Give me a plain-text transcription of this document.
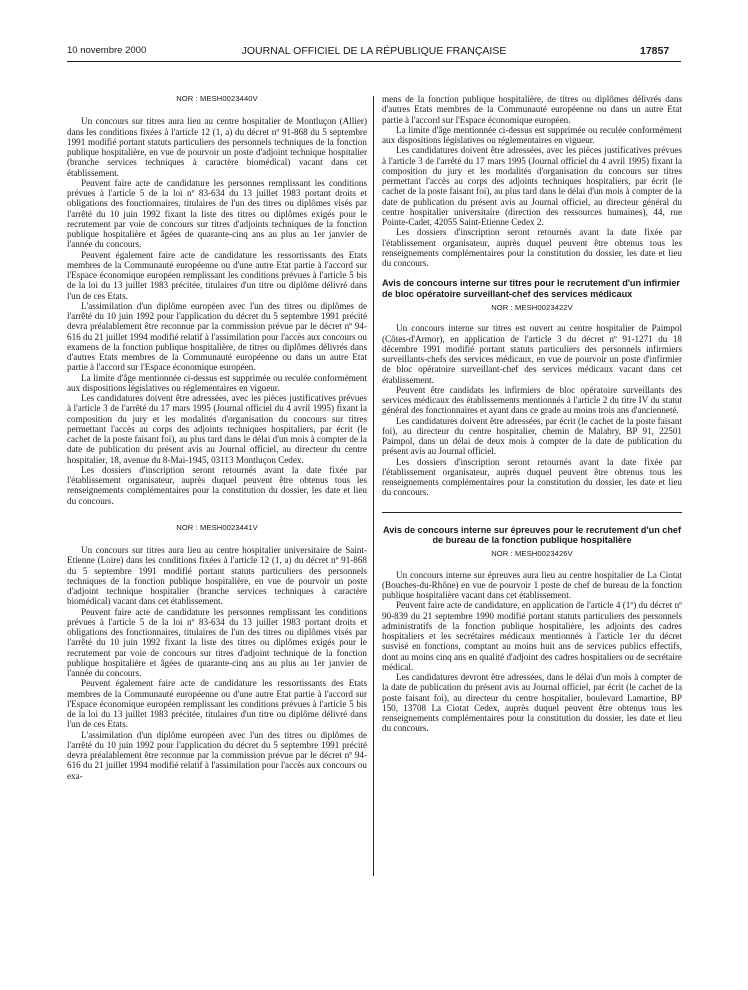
10 novembre 2000	JOURNAL OFFICIEL DE LA RÉPUBLIQUE FRANÇAISE	17857
NOR : MESH0023440V

Un concours sur titres aura lieu au centre hospitalier de Montluçon (Allier) dans les conditions fixées à l'article 12 (1, a) du décret nº 91-868 du 5 septembre 1991 modifié portant statuts particuliers des personnels techniques de la fonction publique hospitalière, en vue de pourvoir un poste d'adjoint technique hospitalier (branche services techniques à caractère biomédical) vacant dans cet établissement.

Peuvent faire acte de candidature les personnes remplissant les conditions prévues à l'article 5 de la loi nº 83-634 du 13 juillet 1983 portant droits et obligations des fonctionnaires, titulaires de l'un des titres ou diplômes visés par l'arrêté du 10 juin 1992 fixant la liste des titres ou diplômes exigés pour le recrutement par voie de concours sur titres d'adjoints techniques de la fonction publique hospitalière et âgées de quarante-cinq ans au plus au 1er janvier de l'année du concours.

Peuvent également faire acte de candidature les ressortissants des Etats membres de la Communauté européenne ou d'une autre Etat partie à l'accord sur l'Espace économique européen remplissant les conditions prévues à l'article 5 bis de la loi du 13 juillet 1983 précitée, titulaires d'un titre ou diplôme délivré dans l'un de ces Etats.

L'assimilation d'un diplôme européen avec l'un des titres ou diplômes de l'arrêté du 10 juin 1992 pour l'application du décret du 5 septembre 1991 précité devra préalablement être reconnue par la commission prévue par le décret nº 94-616 du 21 juillet 1994 modifié relatif à l'assimilation pour l'accès aux concours ou examens de la fonction publique hospitalière, de titres ou diplômes délivrés dans d'autres Etats membres de la Communauté européenne ou dans un autre Etat partie à l'accord sur l'Espace économique européen.

La limite d'âge mentionnée ci-dessus est supprimée ou reculée conformément aux dispositions législatives ou réglementaires en vigueur.

Les candidatures doivent être adressées, avec les pièces justificatives prévues à l'article 3 de l'arrêté du 17 mars 1995 (Journal officiel du 4 avril 1995) fixant la composition du jury et les modalités d'organisation du concours sur titres permettant l'accès au corps des adjoints techniques hospitaliers, par écrit (le cachet de la poste faisant foi), au plus tard dans le délai d'un mois à compter de la date de publication du présent avis au Journal officiel, au directeur du centre hospitalier, 18, avenue du 8-Mai-1945, 03113 Montluçon Cedex.

Les dossiers d'inscription seront retournés avant la date fixée par l'établissement organisateur, auprès duquel peuvent être obtenus tous les renseignements complémentaires pour la constitution du dossier, les date et lieu du concours.

NOR : MESH0023441V

Un concours sur titres aura lieu au centre hospitalier universitaire de Saint-Etienne (Loire) dans les conditions fixées à l'article 12 (1, a) du décret nº 91-868 du 5 septembre 1991 modifié portant statuts particuliers des personnels techniques de la fonction publique hospitalière, en vue de pourvoir un poste d'adjoint technique hospitalier (branche services techniques à caractère biomédical) vacant dans cet établissement.

Peuvent faire acte de candidature les personnes remplissant les conditions prévues à l'article 5 de la loi nº 83-634 du 13 juillet 1983 portant droits et obligations des fonctionnaires, titulaires de l'un des titres ou diplômes visés par l'arrêté du 10 juin 1992 fixant la liste des titres ou diplômes exigés pour le recrutement par voie de concours sur titres d'adjoint technique de la fonction publique hospitalière et âgées de quarante-cinq ans au plus au 1er janvier de l'année du concours.

Peuvent également faire acte de candidature les ressortissants des Etats membres de la Communauté européenne ou d'une autre Etat partie à l'accord sur l'Espace économique européen remplissant les conditions prévues à l'article 5 bis de la loi du 13 juillet 1983 précitée, titulaires d'un titre ou diplôme délivré dans l'un de ces Etats.

L'assimilation d'un diplôme européen avec l'un des titres ou diplômes de l'arrêté du 10 juin 1992 pour l'application du décret du 5 septembre 1991 précité devra préalablement être reconnue par la commission prévue par le décret nº 94-616 du 21 juillet 1994 modifié relatif à l'assimilation pour l'accès aux concours ou exa-

mens de la fonction publique hospitalière, de titres ou diplômes délivrés dans d'autres Etats membres de la Communauté européenne ou dans un autre Etat partie à l'accord sur l'Espace économique européen.

La limite d'âge mentionnée ci-dessus est supprimée ou reculée conformément aux dispositions législatives ou réglementaires en vigueur.

Les candidatures doivent être adressées, avec les pièces justificatives prévues à l'article 3 de l'arrêté du 17 mars 1995 (Journal officiel du 4 avril 1995) fixant la composition du jury et les modalités d'organisation du concours sur titres permettant l'accès au corps des adjoints techniques hospitaliers, par écrit (le cachet de la poste faisant foi), au plus tard dans le délai d'un mois à compter de la date de publication du présent avis au Journal officiel, au directeur général du centre hospitalier universitaire (direction des ressources humaines), 44, rue Pointe-Cadet, 42055 Saint-Etienne Cedex 2.

Les dossiers d'inscription seront retournés avant la date fixée par l'établissement organisateur, auprès duquel peuvent être obtenus tous les renseignements complémentaires pour la constitution du dossier, les date et lieu du concours.

Avis de concours interne sur titres pour le recrutement d'un infirmier de bloc opératoire surveillant-chef des services médicaux
NOR : MESH0023422V

Un concours interne sur titres est ouvert au centre hospitalier de Paimpol (Côtes-d'Armor), en application de l'article 3 du décret nº 91-1271 du 18 décembre 1991 modifié portant statuts particuliers des personnels infirmiers surveillants-chefs des services médicaux, en vue de pourvoir un poste d'infirmier de bloc opératoire surveillant-chef des services médicaux vacant dans cet établissement.

Peuvent être candidats les infirmiers de bloc opératoire surveillants des services médicaux des établissements mentionnés à l'article 2 du titre IV du statut général des fonctionnaires et ayant dans ce grade au moins trois ans d'ancienneté.

Les candidatures doivent être adressées, par écrit (le cachet de la poste faisant foi), au directeur du centre hospitalier, chemin de Malabry, BP 91, 22501 Paimpol, dans un délai de deux mois à compter de la date de publication du présent avis au Journal officiel.

Les dossiers d'inscription seront retournés avant la date fixée par l'établissement organisateur, auprès duquel peuvent être obtenus tous les renseignements complémentaires pour la constitution du dossier, les date et lieu du concours.

Avis de concours interne sur épreuves pour le recrutement d'un chef de bureau de la fonction publique hospitalière
NOR : MESH0023426V

Un concours interne sur épreuves aura lieu au centre hospitalier de La Ciotat (Bouches-du-Rhône) en vue de pourvoir 1 poste de chef de bureau de la fonction publique hospitalière vacant dans cet établissement.

Peuvent faire acte de candidature, en application de l'article 4 (1º) du décret nº 90-839 du 21 septembre 1990 modifié portant statuts particuliers des personnels administratifs de la fonction publique hospitalière, les adjoints des cadres hospitaliers et les secrétaires médicaux mentionnés à l'article 1er du décret susvisé en fonctions, comptant au moins huit ans de services publics effectifs, dont au moins cinq ans en qualité d'adjoint des cadres hospitaliers ou de secrétaire médical.

Les candidatures devront être adressées, dans le délai d'un mois à compter de la date de publication du présent avis au Journal officiel, par écrit (le cachet de la poste faisant foi), au directeur du centre hospitalier, boulevard Lamartine, BP 150, 13708 La Ciotat Cedex, auprès duquel peuvent être obtenus tous les renseignements complémentaires pour la constitution du dossier, les date et lieu du concours.
